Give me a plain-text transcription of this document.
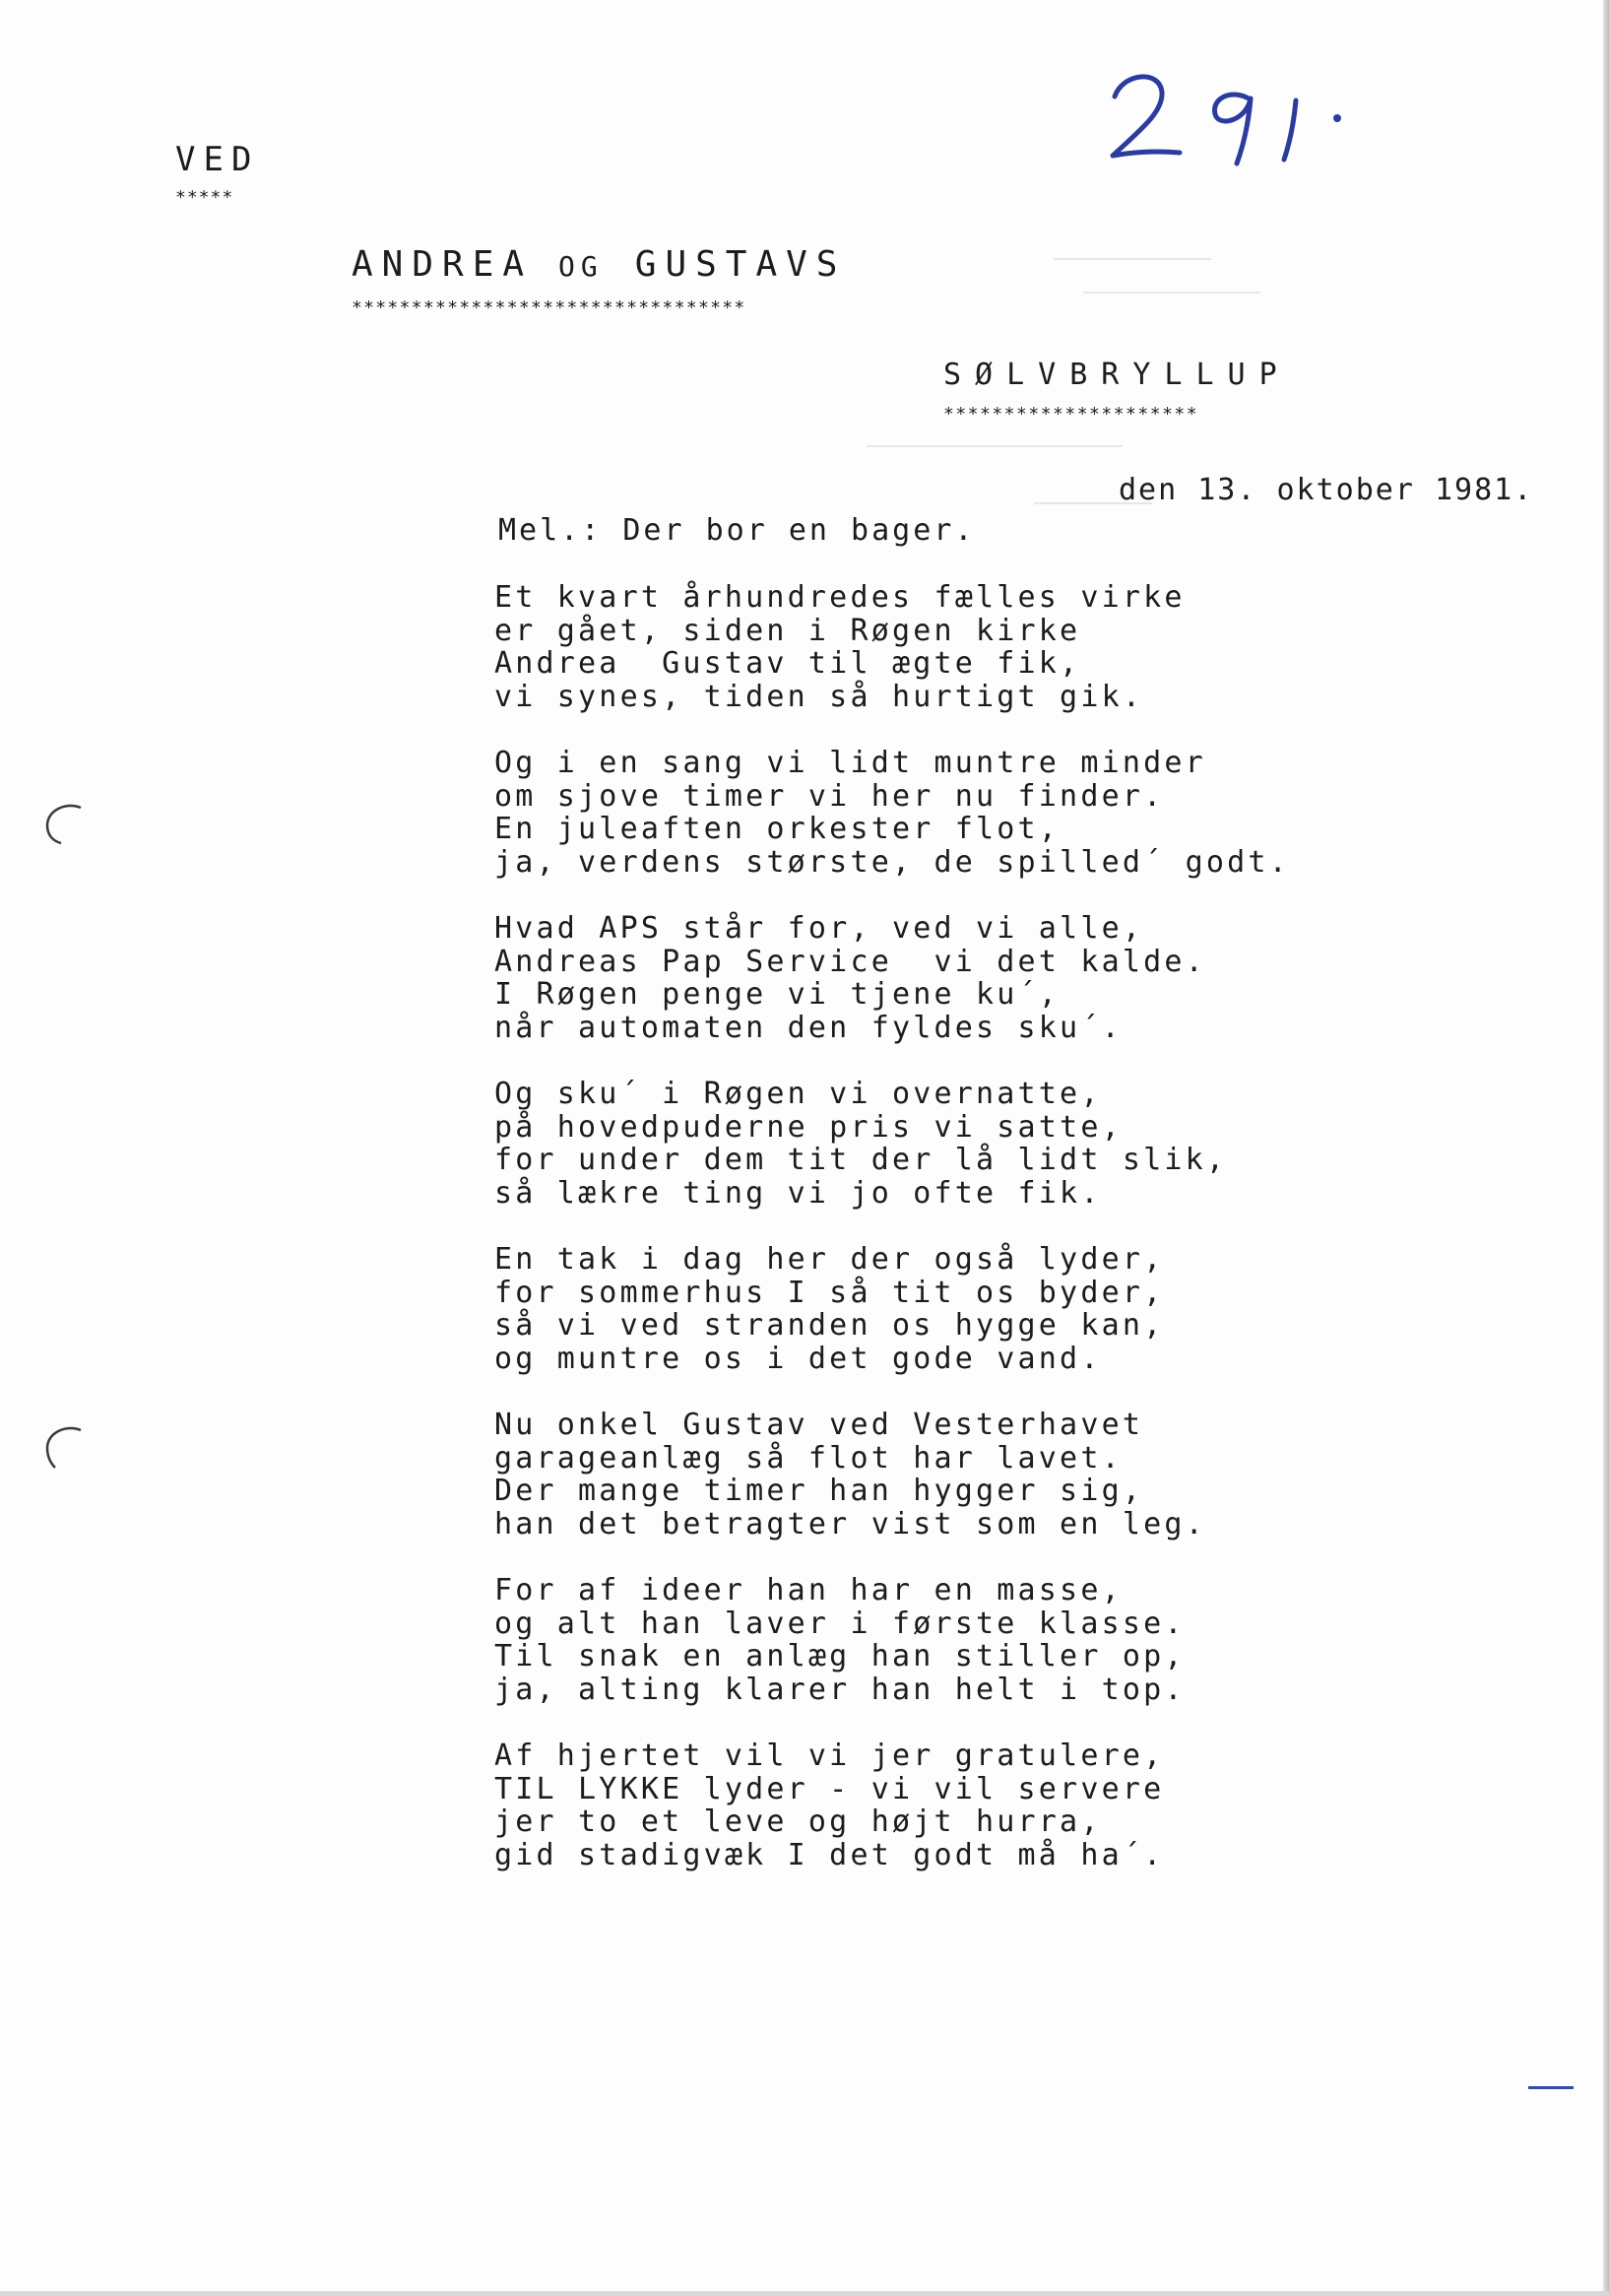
VED
*****
ANDREA OG GUSTAVS
*********************************
SØLVBRYLLUP
*********************
den 13. oktober 1981.
Mel.: Der bor en bager.
Et kvart århundredes fælles virke
er gået, siden i Røgen kirke
Andrea  Gustav til ægte fik,
vi synes, tiden så hurtigt gik.
Og i en sang vi lidt muntre minder
om sjove timer vi her nu finder.
En juleaften orkester flot,
ja, verdens største, de spilled´ godt.
Hvad APS står for, ved vi alle,
Andreas Pap Service  vi det kalde.
I Røgen penge vi tjene ku´,
når automaten den fyldes sku´.
Og sku´ i Røgen vi overnatte,
på hovedpuderne pris vi satte,
for under dem tit der lå lidt slik,
så lækre ting vi jo ofte fik.
En tak i dag her der også lyder,
for sommerhus I så tit os byder,
så vi ved stranden os hygge kan,
og muntre os i det gode vand.
Nu onkel Gustav ved Vesterhavet
garageanlæg så flot har lavet.
Der mange timer han hygger sig,
han det betragter vist som en leg.
For af ideer han har en masse,
og alt han laver i første klasse.
Til snak en anlæg han stiller op,
ja, alting klarer han helt i top.
Af hjertet vil vi jer gratulere,
TIL LYKKE lyder - vi vil servere
jer to et leve og højt hurra,
gid stadigvæk I det godt må ha´.
